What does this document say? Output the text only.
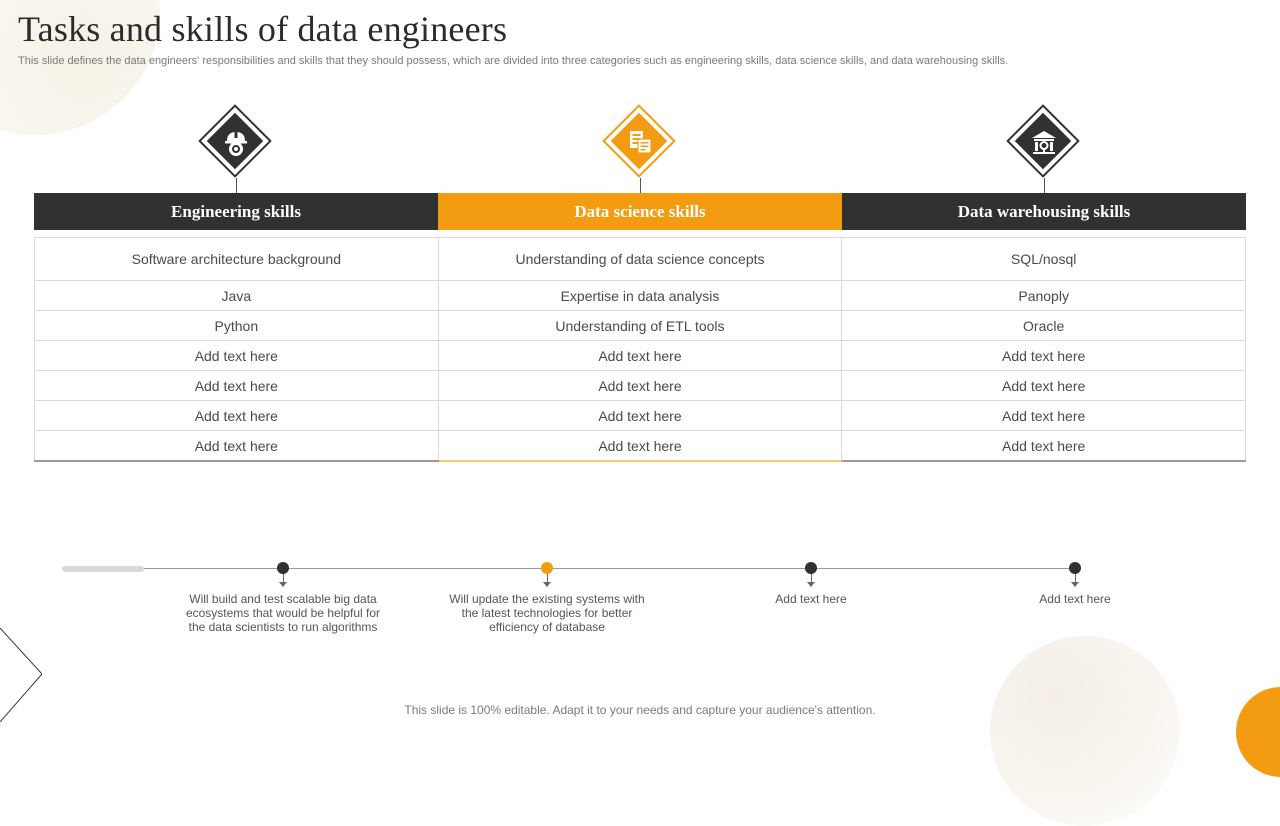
Tasks and skills of data engineers

This slide defines the data engineers' responsibilities and skills that they should possess, which are divided into three categories such as engineering skills, data science skills, and data warehousing skills.

Engineering skills	Data science skills	Data warehousing skills
Software architecture background	Understanding of data science concepts	SQL/nosql
Java	Expertise in data analysis	Panoply
Python	Understanding of ETL tools	Oracle
Add text here	Add text here	Add text here
Add text here	Add text here	Add text here
Add text here	Add text here	Add text here
Add text here	Add text here	Add text here
Will build and test scalable big data ecosystems that would be helpful for the data scientists to run algorithms
Will update the existing systems with the latest technologies for better efficiency of database
Add text here	Add text here
This slide is 100% editable. Adapt it to your needs and capture your audience's attention.
